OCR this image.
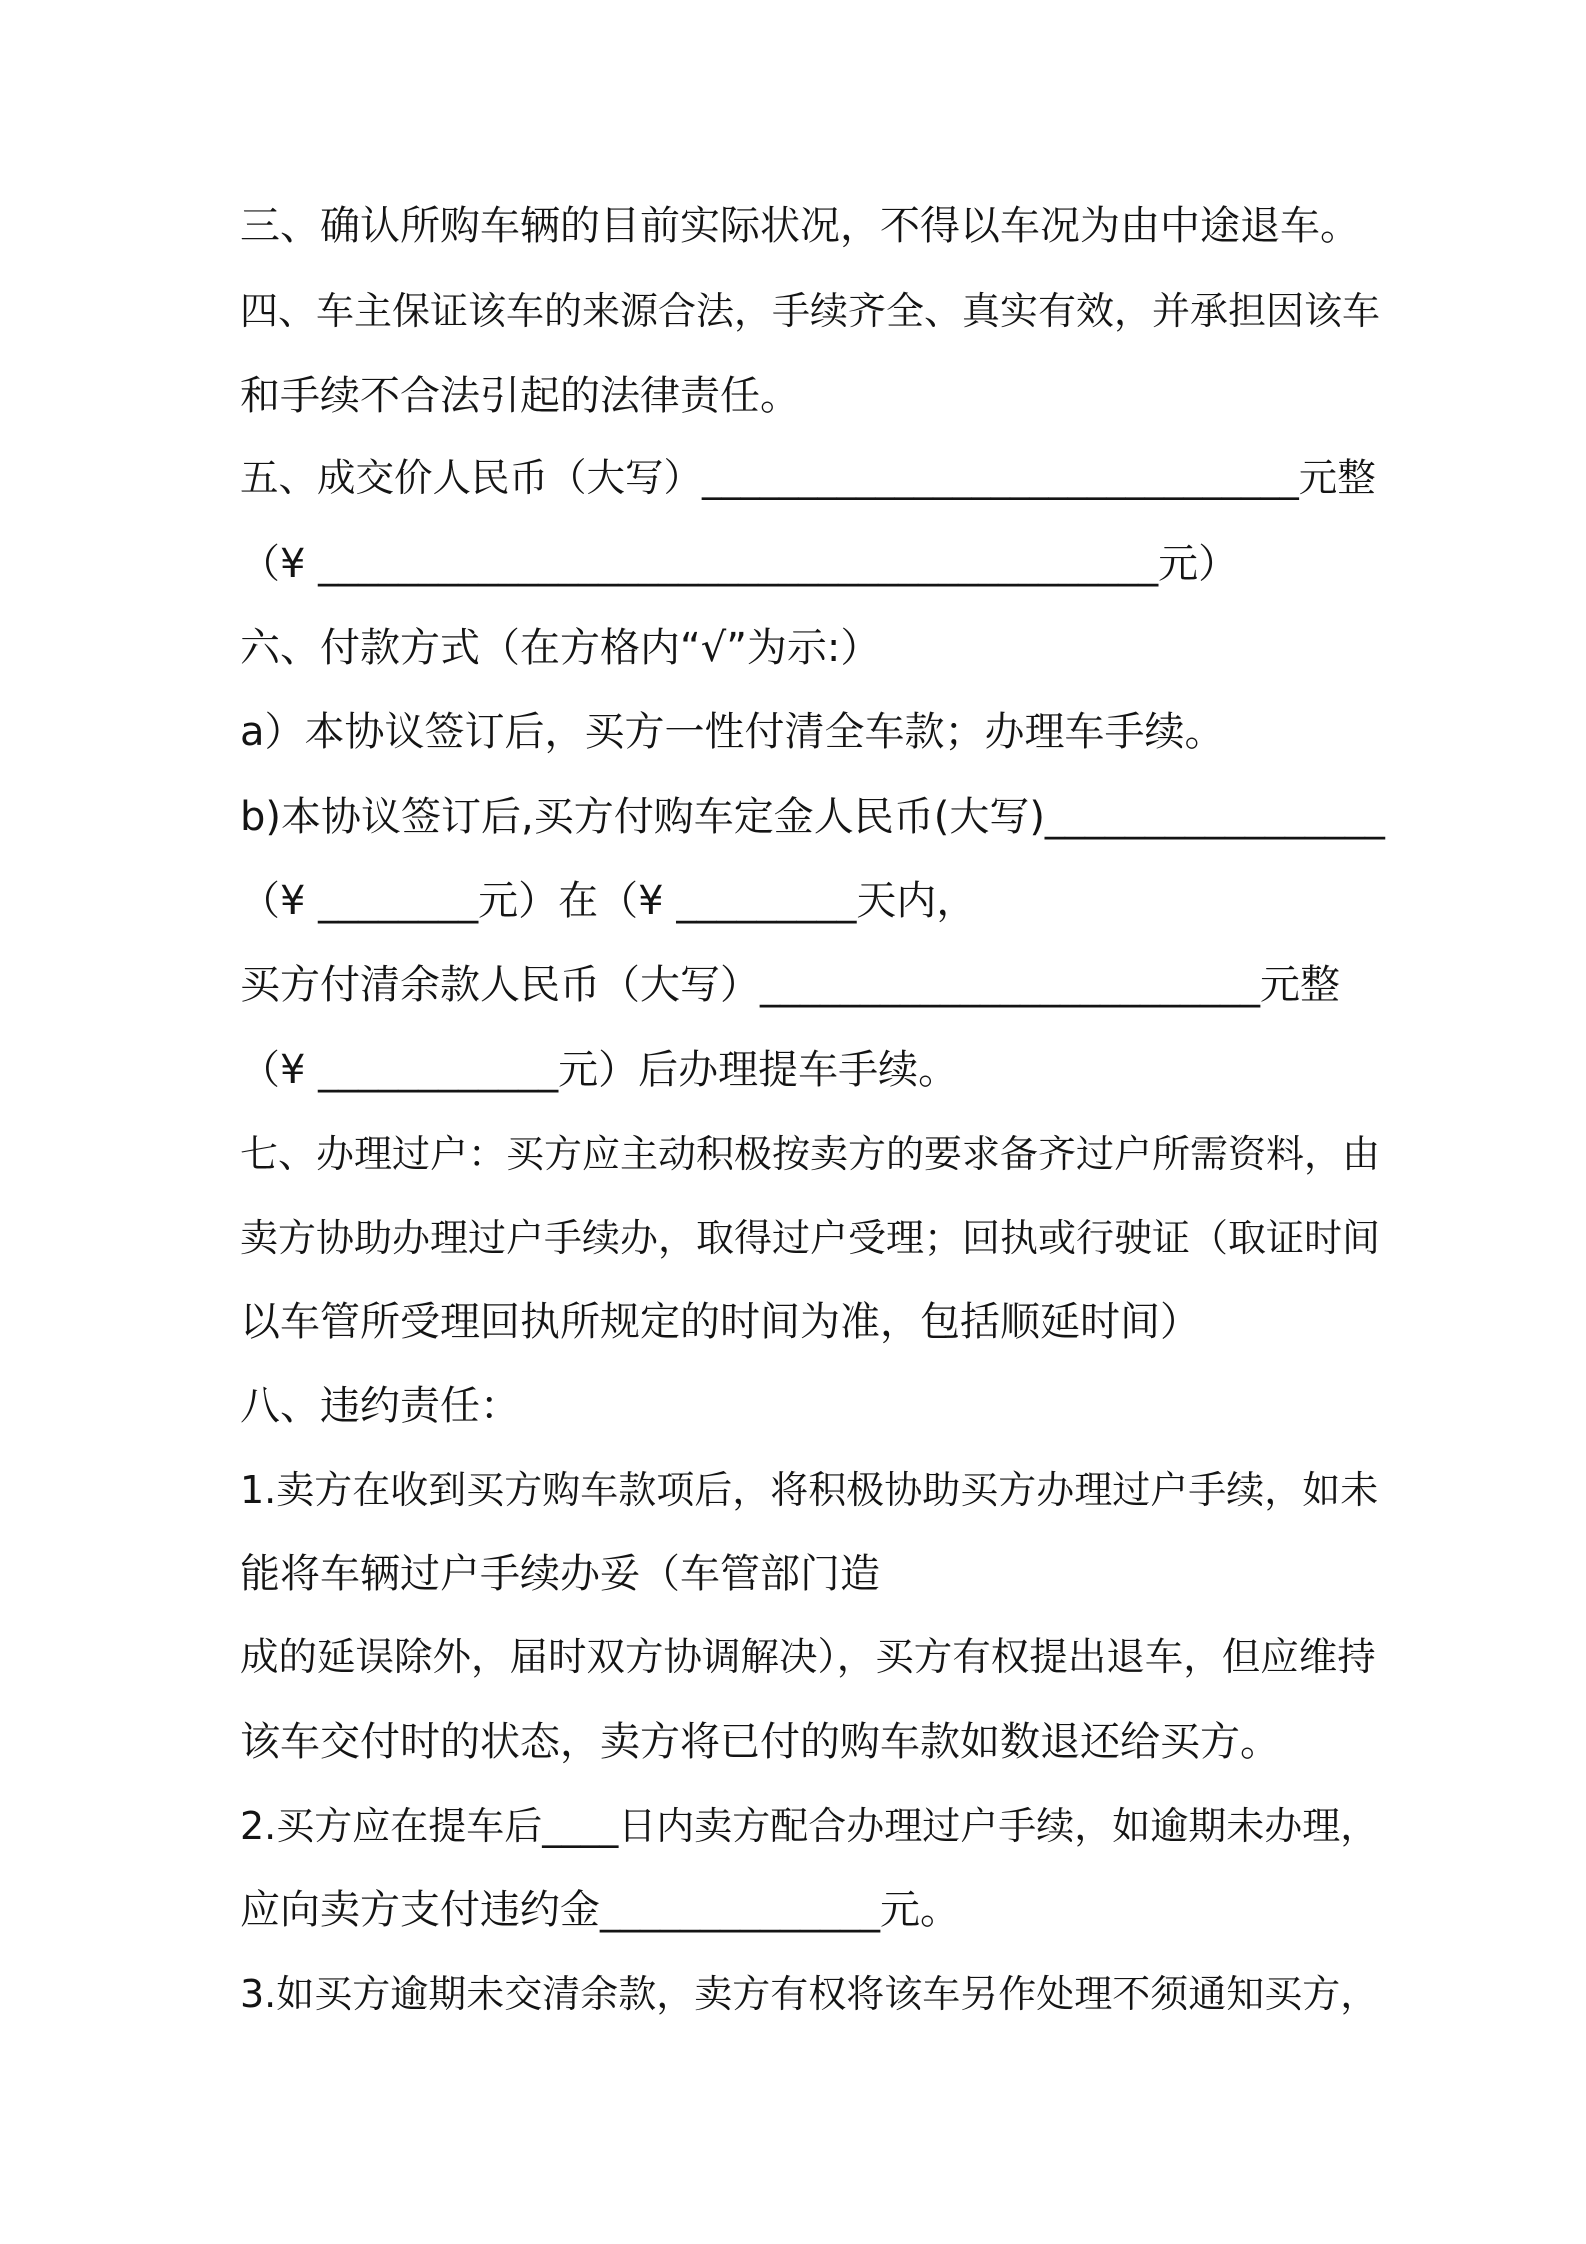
三、确认所购车辆的目前实际状况，不得以车况为由中途退车。

四、车主保证该车的来源合法，手续齐全、真实有效，并承担因该车

和手续不合法引起的法律责任。

五、成交价人民币（大写）_______________________________元整

（¥ __________________________________________元）

六、付款方式（在方格内“√”为示:）

a）本协议签订后，买方一性付清全车款；办理车手续。

b)本协议签订后,买方付购车定金人民币(大写)_________________

（¥ ________元）在（¥ _________天内，

买方付清余款人民币（大写）_________________________元整

（¥ ____________元）后办理提车手续。

七、办理过户：买方应主动积极按卖方的要求备齐过户所需资料，由

卖方协助办理过户手续办，取得过户受理；回执或行驶证（取证时间

以车管所受理回执所规定的时间为准，包括顺延时间）

八、违约责任：

1.卖方在收到买方购车款项后，将积极协助买方办理过户手续，如未

能将车辆过户手续办妥（车管部门造

成的延误除外，届时双方协调解决），买方有权提出退车，但应维持

该车交付时的状态，卖方将已付的购车款如数退还给买方。

2.买方应在提车后____日内卖方配合办理过户手续，如逾期未办理，

应向卖方支付违约金______________元。

3.如买方逾期未交清余款，卖方有权将该车另作处理不须通知买方，
